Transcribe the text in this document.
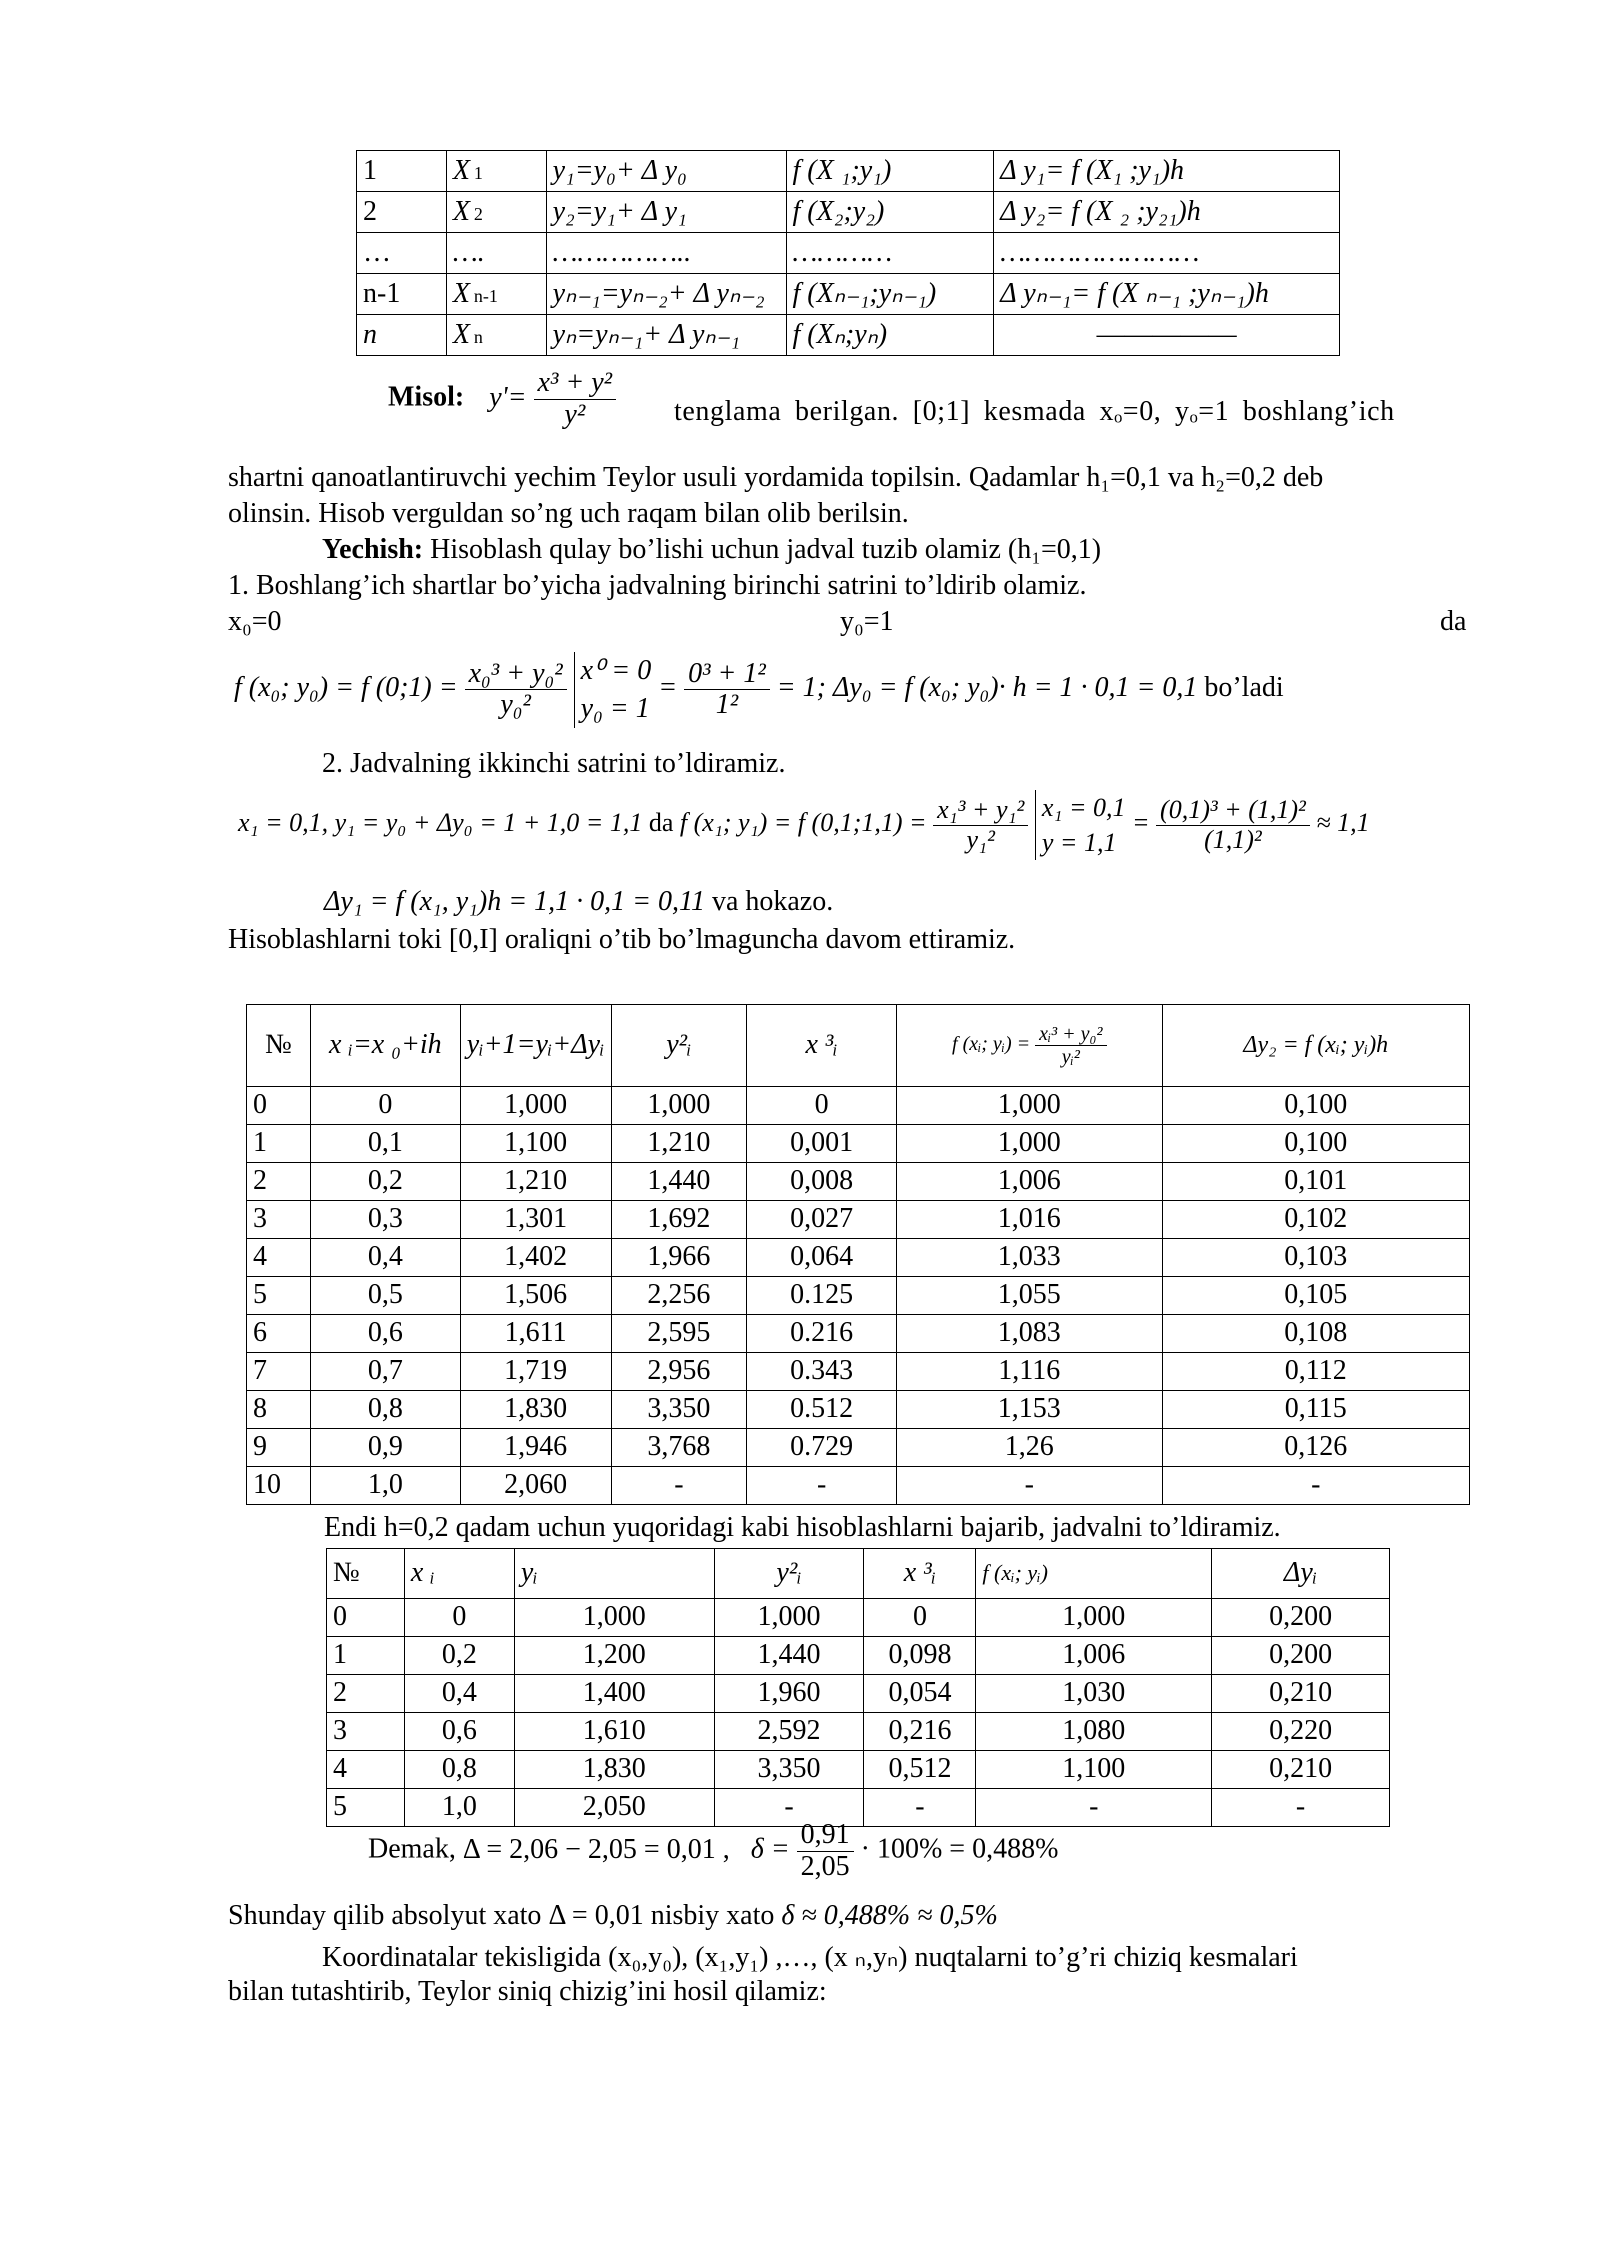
1	X 1	y₁=y₀+ Δ y₀	f (X ₁;y₁)	Δ y₁= f (X₁ ;y₁)h
2	X 2	y₂=y₁+ Δ y₁	f (X₂;y₂)	Δ y₂= f (X ₂ ;y₂₁)h
…	….	……………..	…………	……………………
n-1	X n-1	yₙ₋₁=yₙ₋₂+ Δ yₙ₋₂	f (Xₙ₋₁;yₙ₋₁)	Δ yₙ₋₁= f (X ₙ₋₁ ;yₙ₋₁)h
n	X n	yₙ=yₙ₋₁+ Δ yₙ₋₁	f (Xₙ;yₙ)	—————
Misol: $y'= \frac{\text{x³ + y²}}{\text{y²}}$ tenglama berilgan. [0;1] kesmada xₒ=0, yₒ=1 boshlang’ich
shartni qanoatlantiruvchi yechim Teylor usuli yordamida topilsin. Qadamlar h₁=0,1 va h₂=0,2 deb
olinsin. Hisob verguldan so’ng uch raqam bilan olib berilsin.
Yechish: Hisoblash qulay bo’lishi uchun jadval tuzib olamiz (h₁=0,1)
1. Boshlang’ich shartlar bo’yicha jadvalning birinchi satrini to’ldirib olamiz.
x₀=0	y₀=1	da
f (x₀; y₀) = f (0;1) = $\frac{\text{x₀³ + y₀²}}{\text{y₀²}}$
x⁰ = 0
y₀ = 1
= $\frac{\text{0³ + 1²}}{\text{1²}} = 1$; Δy₀ = f (x₀; y₀)· h = 1 · 0,1 = 0,1 bo’ladi
2. Jadvalning ikkinchi satrini to’ldiramiz.
x₁ = 0,1, y₁ = y₀ + Δy₀ = 1 + 1,0 = 1,1 da f (x₁; y₁) = f (0,1;1,1) = $\frac{\text{x₁³ + y₁²}}{\text{y₁²}}$
x₁ = 0,1
y = 1,1
= $\frac{\text{(0,1)³ + (1,1)²}}{\text{(1,1)²}} \approx 1,1$
Δy₁ = f (x₁, y₁)h = 1,1 · 0,1 = 0,11 va hokazo.
Hisoblashlarni toki [0,I] oraliqni o’tib bo’lmaguncha davom ettiramiz.
№	x ᵢ=x ₀+ih	yᵢ+1=yᵢ+Δyᵢ	y²ᵢ	x ³ᵢ	f (xᵢ; yᵢ) = $\frac{\text{xᵢ³ + y₀²}}{\text{yᵢ²}}$	Δy₂ = f (xᵢ; yᵢ)h
0	0	1,000	1,000	0	1,000	0,100
1	0,1	1,100	1,210	0,001	1,000	0,100
2	0,2	1,210	1,440	0,008	1,006	0,101
3	0,3	1,301	1,692	0,027	1,016	0,102
4	0,4	1,402	1,966	0,064	1,033	0,103
5	0,5	1,506	2,256	0.125	1,055	0,105
6	0,6	1,611	2,595	0.216	1,083	0,108
7	0,7	1,719	2,956	0.343	1,116	0,112
8	0,8	1,830	3,350	0.512	1,153	0,115
9	0,9	1,946	3,768	0.729	1,26	0,126
10	1,0	2,060	-	-	-	-
Endi h=0,2 qadam uchun yuqoridagi kabi hisoblashlarni bajarib, jadvalni to’ldiramiz.
№	x ᵢ	yᵢ	y²ᵢ	x ³ᵢ	f (xᵢ; yᵢ)	Δyᵢ
0	0	1,000	1,000	0	1,000	0,200
1	0,2	1,200	1,440	0,098	1,006	0,200
2	0,4	1,400	1,960	0,054	1,030	0,210
3	0,6	1,610	2,592	0,216	1,080	0,220
4	0,8	1,830	3,350	0,512	1,100	0,210
5	1,0	2,050	-	-	-	-
Demak, Δ = 2,06 − 2,05 = 0,01 , $\delta = \frac{0,91}{2,05} \cdot 100\% = 0,488\%$
Shunday qilib absolyut xato Δ = 0,01 nisbiy xato δ ≈ 0,488% ≈ 0,5%
Koordinatalar tekisligida (x₀,y₀), (x₁,y₁) ,…, (x ₙ,yₙ) nuqtalarni to’g’ri chiziq kesmalari
bilan tutashtirib, Teylor siniq chizig’ini hosil qilamiz:
